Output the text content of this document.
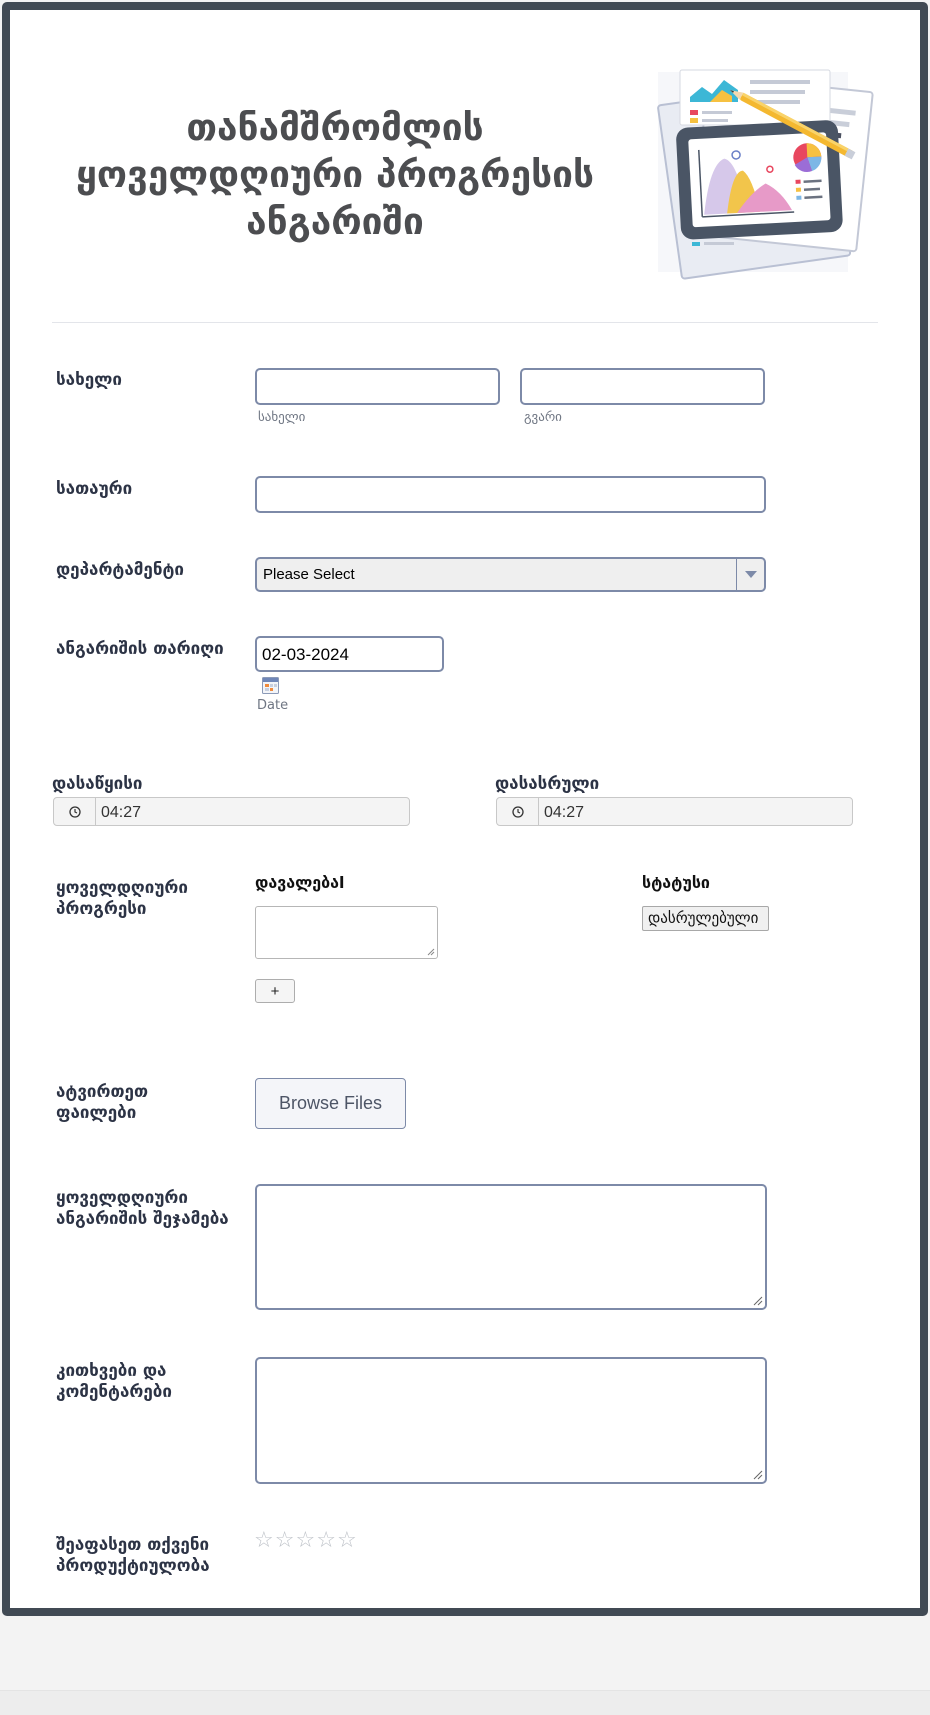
თანამშრომლის ყოველდღიური პროგრესის ანგარიში
სახელი
სახელი	გვარი
სათაური
დეპარტამენტი	Please Select
ანგარიშის თარიღი	02-03-2024
Date
დასაწყისი
04:27
დასასრული
04:27
ყოველდღიური პროგრესი
დავალებაl	სტატუსი
დასრულებული
+
ატვირთეთ ფაილები	Browse Files
ყოველდღიური ანგარიშის შეჯამება
კითხვები და კომენტარები
შეაფასეთ თქვენი პროდუქტიულობა
☆ ☆ ☆ ☆ ☆
